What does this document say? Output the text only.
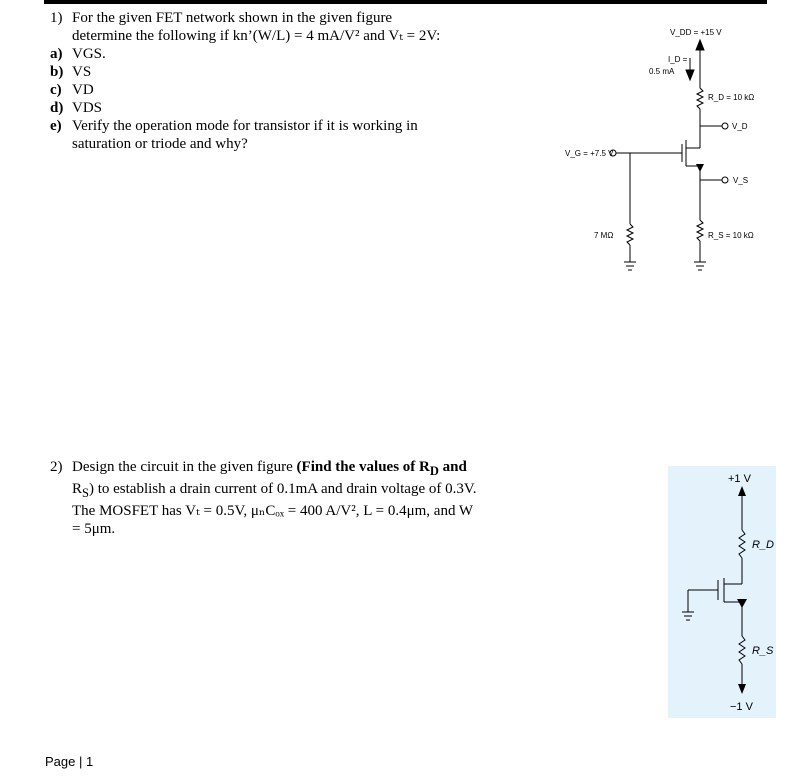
1) For the given FET network shown in the given figure
determine the following if kn’(W/L) = 4 mA/V² and Vₜ = 2V:
a) VGS.
b) VS
c) VD
d) VDS
e) Verify the operation mode for transistor if it is working in
saturation or triode and why?
V_DD = +15 V
I_D =
0.5 mA
R_D = 10 kΩ
V_D
V_G = +7.5 V
V_S
7 MΩ	R_S = 10 kΩ
2) Design the circuit in the given figure (Find the values of $R_D$ and
$R_S$) to establish a drain current of 0.1mA and drain voltage of 0.3V.
The MOSFET has Vₜ = 0.5V, μₙCₒₓ = 400 A/V², L = 0.4μm, and W
= 5μm.
+1 V
R_D
R_S
−1 V
Page | 1
